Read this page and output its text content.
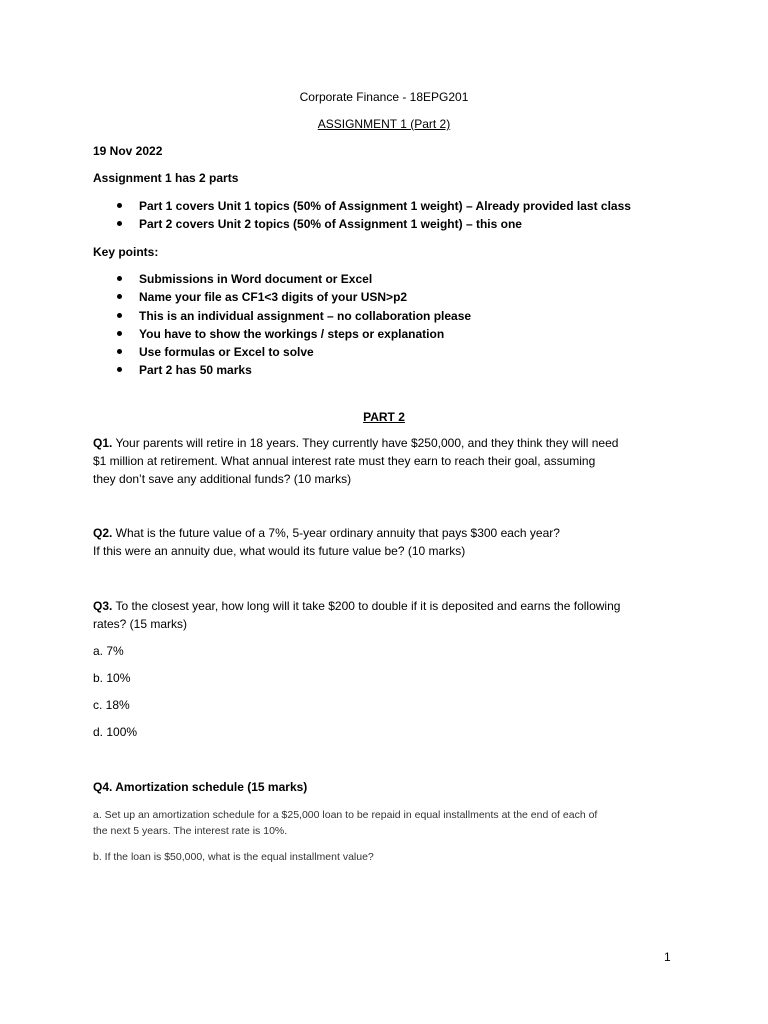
Corporate Finance - 18EPG201
ASSIGNMENT 1 (Part 2)
19 Nov 2022
Assignment 1 has 2 parts
Part 1 covers Unit 1 topics (50% of Assignment 1 weight) – Already provided last class
Part 2 covers Unit 2 topics (50% of Assignment 1 weight) – this one
Key points:
Submissions in Word document or Excel
Name your file as CF1<3 digits of your USN>p2
This is an individual assignment – no collaboration please
You have to show the workings / steps or explanation
Use formulas or Excel to solve
Part 2 has 50 marks
PART 2
Q1. Your parents will retire in 18 years. They currently have $250,000, and they think they will need
$1 million at retirement. What annual interest rate must they earn to reach their goal, assuming
they don’t save any additional funds? (10 marks)
Q2. What is the future value of a 7%, 5-year ordinary annuity that pays $300 each year?
If this were an annuity due, what would its future value be? (10 marks)
Q3. To the closest year, how long will it take $200 to double if it is deposited and earns the following
rates? (15 marks)
a. 7%
b. 10%
c. 18%
d. 100%
Q4. Amortization schedule (15 marks)
a. Set up an amortization schedule for a $25,000 loan to be repaid in equal installments at the end of each of
the next 5 years. The interest rate is 10%.
b. If the loan is $50,000, what is the equal installment value?
1
